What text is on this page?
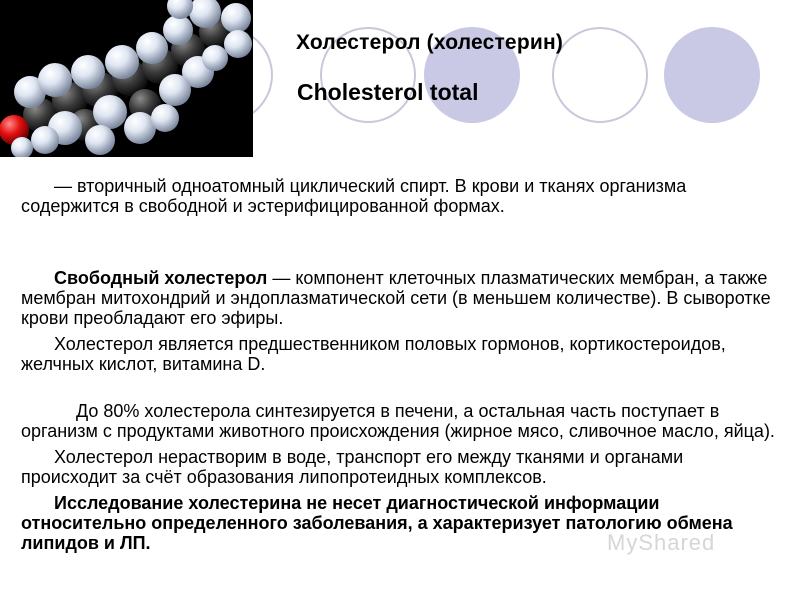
Холестерол (холестерин)
Cholesterol total

— вторичный одноатомный циклический спирт. В крови и тканях организма содержится в свободной и эстерифицированной формах.

Свободный холестерол — компонент клеточных плазматических мембран, а также мембран митохондрий и эндоплазматической сети (в меньшем количестве). В сыворотке крови преобладают его эфиры.

Холестерол является предшественником половых гормонов, кортикостероидов, желчных кислот, витамина D.

До 80% холестерола синтезируется в печени, а остальная часть поступает в организм с продуктами животного происхождения (жирное мясо, сливочное масло, яйца).

Холестерол нерастворим в воде, транспорт его между тканями и органами происходит за счёт образования липопротеидных комплексов.

Исследование холестерина не несет диагностической информации относительно определенного заболевания, а характеризует патологию обмена липидов и ЛП.	MyShared
